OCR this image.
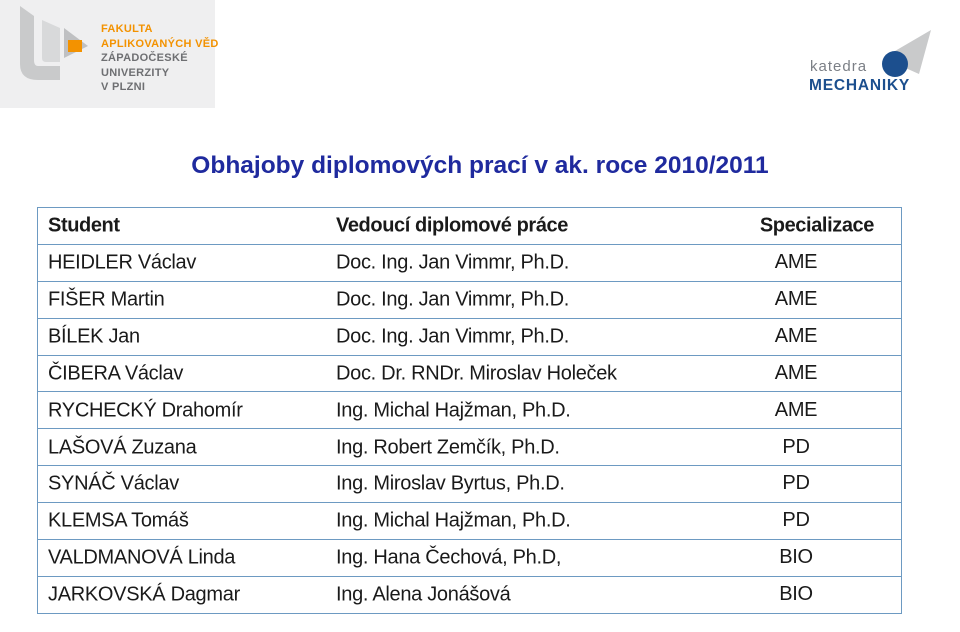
FAKULTA
APLIKOVANÝCH VĚD
ZÁPADOČESKÉ
UNIVERZITY
V PLZNI
katedra
MECHANIKY
Obhajoby diplomových prací v ak. roce 2010/2011
Student	Vedoucí diplomové práce	Specializace
HEIDLER Václav	Doc. Ing. Jan Vimmr, Ph.D.	AME
FIŠER Martin	Doc. Ing. Jan Vimmr, Ph.D.	AME
BÍLEK Jan	Doc. Ing. Jan Vimmr, Ph.D.	AME
ČIBERA Václav	Doc. Dr. RNDr. Miroslav Holeček	AME
RYCHECKÝ Drahomír	Ing. Michal Hajžman, Ph.D.	AME
LAŠOVÁ Zuzana	Ing. Robert Zemčík, Ph.D.	PD
SYNÁČ Václav	Ing. Miroslav Byrtus, Ph.D.	PD
KLEMSA Tomáš	Ing. Michal Hajžman, Ph.D.	PD
VALDMANOVÁ Linda	Ing. Hana Čechová, Ph.D,	BIO
JARKOVSKÁ Dagmar	Ing. Alena Jonášová	BIO
